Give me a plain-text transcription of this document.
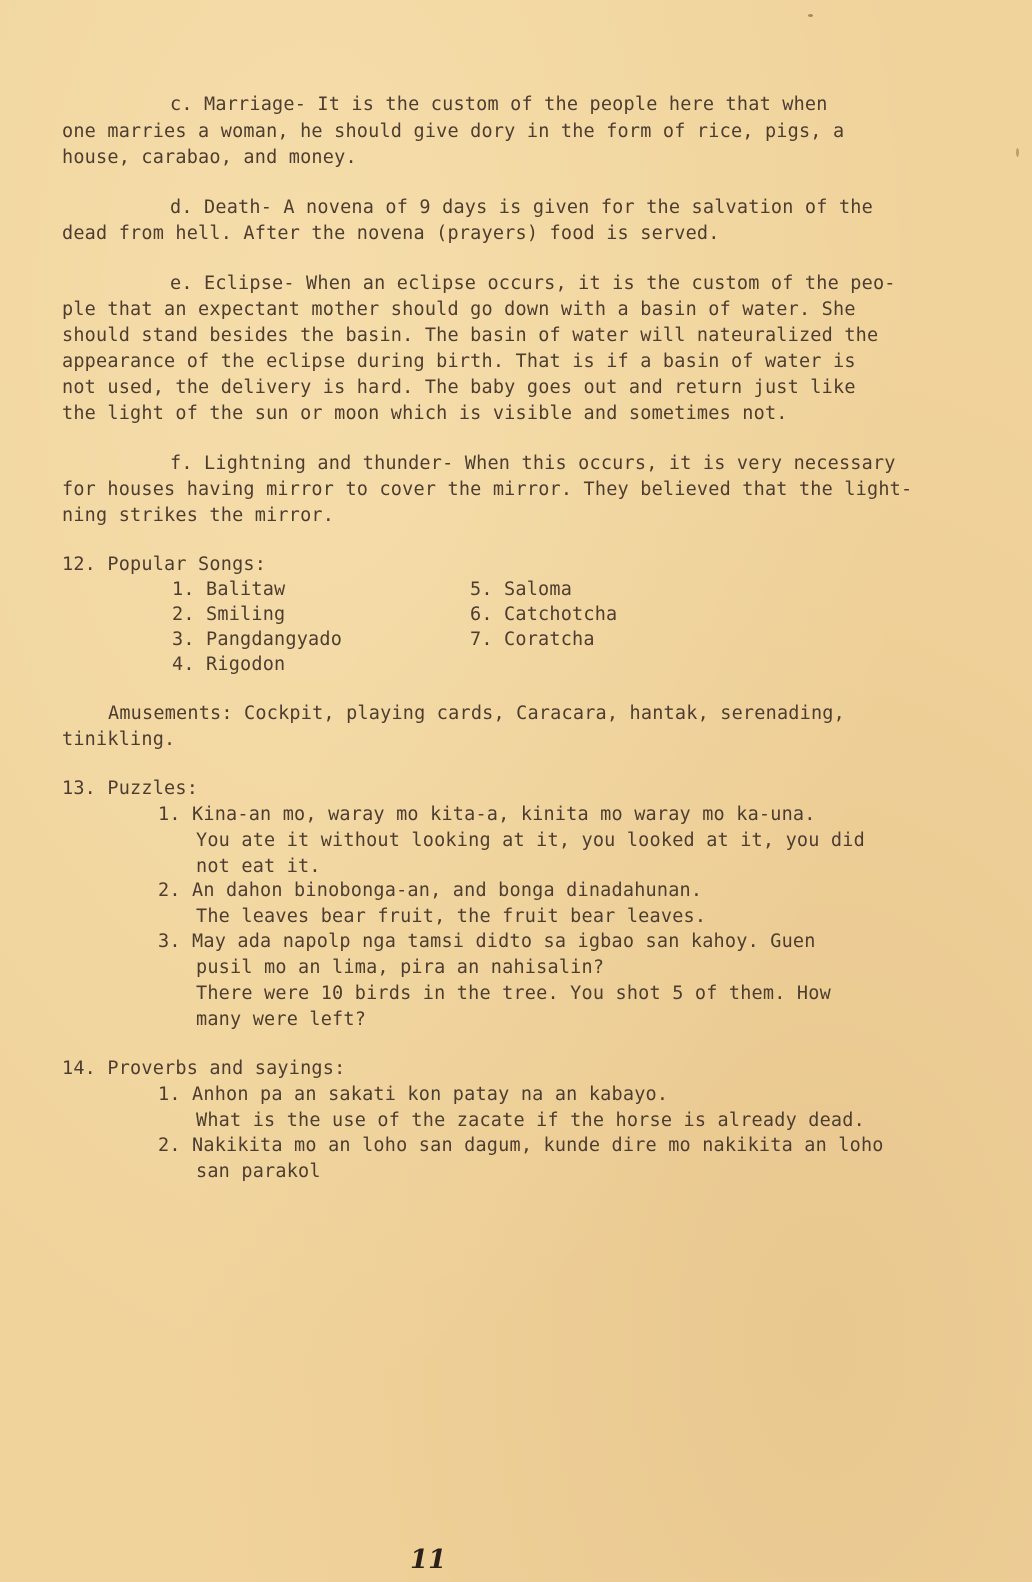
c. Marriage- It is the custom of the people here that when
one marries a woman, he should give dory in the form of rice, pigs, a
house, carabao, and money.
d. Death- A novena of 9 days is given for the salvation of the
dead from hell. After the novena (prayers) food is served.
e. Eclipse- When an eclipse occurs, it is the custom of the peo-
ple that an expectant mother should go down with a basin of water. She
should stand besides the basin. The basin of water will nateuralized the
appearance of the eclipse during birth. That is if a basin of water is
not used, the delivery is hard. The baby goes out and return just like
the light of the sun or moon which is visible and sometimes not.
f. Lightning and thunder- When this occurs, it is very necessary
for houses having mirror to cover the mirror. They believed that the light-
ning strikes the mirror.
12. Popular Songs:
1. Balitaw
2. Smiling
3. Pangdangyado
4. Rigodon
5. Saloma
6. Catchotcha
7. Coratcha
Amusements: Cockpit, playing cards, Caracara, hantak, serenading,
tinikling.
13. Puzzles:
1. Kina-an mo, waray mo kita-a, kinita mo waray mo ka-una.
You ate it without looking at it, you looked at it, you did
not eat it.
2. An dahon binobonga-an, and bonga dinadahunan.
The leaves bear fruit, the fruit bear leaves.
3. May ada napolp nga tamsi didto sa igbao san kahoy. Guen
pusil mo an lima, pira an nahisalin?
There were 10 birds in the tree. You shot 5 of them. How
many were left?
14. Proverbs and sayings:
1. Anhon pa an sakati kon patay na an kabayo.
What is the use of the zacate if the horse is already dead.
2. Nakikita mo an loho san dagum, kunde dire mo nakikita an loho
san parakol
11
